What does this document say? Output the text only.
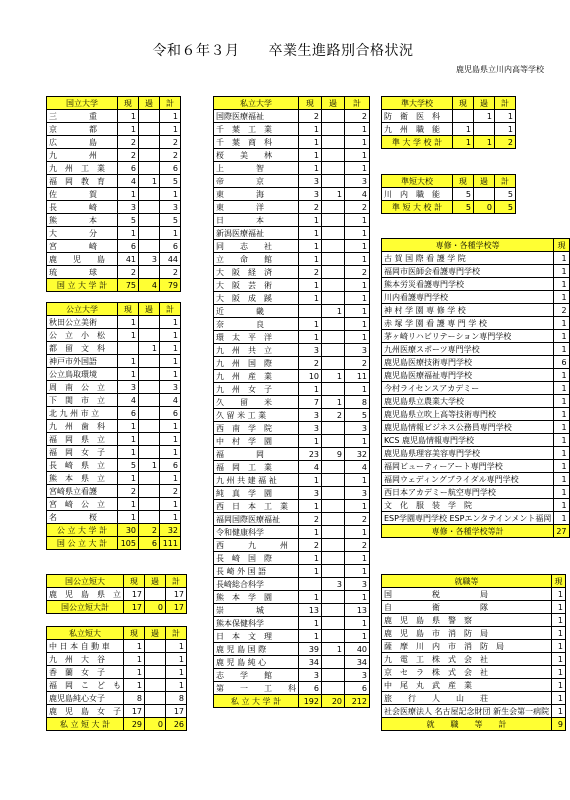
令和６年３月　　卒業生進路別合格状況
鹿児島県立川内高等学校
国立大学	現	過	計
三　　　　重	1		1
京　　　　都	1		1
広　　　　島	2		2
九　　　　州	2		2
九　州　工　業	6		6
福　岡　教　育	4	1	5
佐　　　　賀	1		1
長　　　　崎	3		3
熊　　　　本	5		5
大　　　　分	1		1
宮　　　　崎	6		6
鹿　　児　　島	41	3	44
琉　　　　球	2		2
国 立 大 学 計	75	4	79
公立大学	現	過	計
秋田公立美術	1		1
公　立　小　松	1		1
都　留　文　科		1	1
神戸市外国語	1		1
公立鳥取環境	1		1
周　南　公　立	3		3
下　関　市　立	4		4
北 九 州 市 立	6		6
九　州　歯　科	1		1
福　岡　県　立	1		1
福　岡　女　子	1		1
長　崎　県　立	5	1	6
熊　本　県　立	1		1
宮崎県立看護	2		2
宮　崎　公　立	1		1
名　　　　桜	1		1
公 立 大 学 計	30	2	32
国 公 立 大 計	105	6	111
国公立短大	現	過	計
鹿　児　島　県　立	17		17
国公立短大計	17	0	17
私立短大	現	過	計
中 日 本 自 動 車	1		1
九　州　大　谷	1		1
香　蘭　女　子	1		1
福　岡　こ　ど　も	1		1
鹿児島純心女子	8		8
鹿　児　島　女　子	17		17
私 立 短 大 計	29	0	26
私立大学	現	過	計
国際医療福祉	2		2
千　葉　工　業	1		1
千　葉　商　科	1		1
桜　　美　　林	1		1
上　　　　智	1		1
帝　　　　京	3		3
東　　　　海	3	1	4
東　　　　洋	2		2
日　　　　本	1		1
新潟医療福祉	1		1
同　　志　　社	1		1
立　　命　　館	1		1
大　阪　経　済	2		2
大　阪　芸　術	1		1
大　阪　成　蹊	1		1
近　　　　畿		1	1
奈　　　　良	1		1
環　太　平　洋	1		1
九　州　共　立	3		3
九　州　国　際	2		2
九　州　産　業	10	1	11
九　州　女　子	1		1
久　　留　　米	7	1	8
久 留 米 工 業	3	2	5
西　南　学　院	3		3
中　村　学　園	1		1
福　　　　岡	23	9	32
福　岡　工　業	4		4
九 州 共 建 福 祉	1		1
純　真　学　園	3		3
西　日　本　工　業	1		1
福岡国際医療福祉	2		2
令和健康科学	1		1
西　　　九　　　州	2		2
長　崎　国　際	1		1
長 崎 外 国 語	1		1
長崎総合科学		3	3
熊　本　学　園	1		1
崇　　　　城	13		13
熊本保健科学	1		1
日　本　文　理	1		1
鹿 児 島 国 際	39	1	40
鹿 児 島 純 心	34		34
志　　学　　館	3		3
第　　一　　工　　科	6		6
私 立 大 学 計	192	20	212
準大学校	現	過	計
防　衛　医　科		1	1
九　州　職　能	1		1
準 大 学 校 計	1	1	2
準短大校	現	過	計
川　内　職　能	5		5
準 短 大 校 計	5	0	5
専修・各種学校等	現
古 賀 国 際 看 護 学 院	1
福岡市医師会看護専門学校	1
熊本労災看護専門学校	1
川内看護専門学校	1
神 村 学 園 専 修 学 校	2
赤 塚 学 園 看 護 専 門 学 校	1
茅ヶ崎リハビリテーション専門学校	1
九州医療スポーツ専門学校	1
鹿児島医療技術専門学校	6
鹿児島医療福祉専門学校	1
今村ライセンスアカデミー	1
鹿児島県立農業大学校	1
鹿児島県立吹上高等技術専門校	1
鹿児島情報ビジネス公務員専門学校	1
KCS 鹿児島情報専門学校	1
鹿児島県理容美容専門学校	1
福岡ビューティーアート専門学校	1
福岡ウェディングブライダル専門学校	1
西日本アカデミー航空専門学校	1
文　化　服　装　学　院	1
ESP学園専門学校 ESPエンタテインメント福岡	1
専修・各種学校等計	27
就職等	現
国　　　　　税　　　　　局	1
自　　　　　衛　　　　　隊	1
鹿　児　島　県　警　察	1
鹿　児　島　市　消　防　局	1
薩　摩　川　内　市　消　防　局	1
九　電　工　株　式　会　社	1
京　セ　ラ　株　式　会　社	1
中　尾　丸　武　産　業	1
旅　　行　　人　　山　　荘	1
社会医療法人 名古屋記念財団 新生会第一病院	1
就　　職　　等　　計	9
